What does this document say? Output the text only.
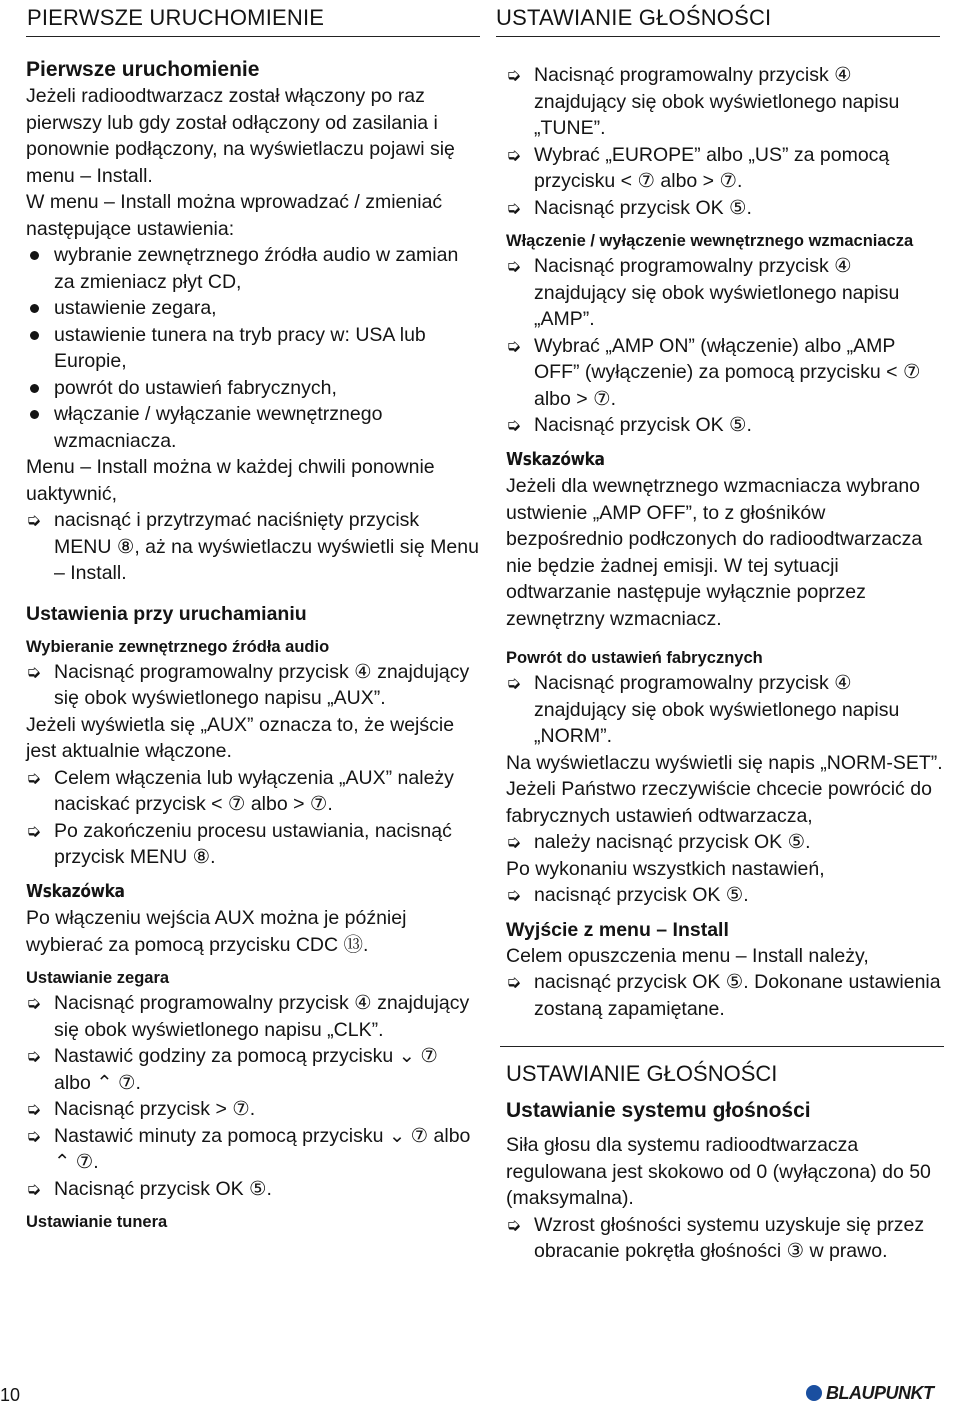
PIERWSZE URUCHOMIENIE	USTAWIANIE GŁOŚNOŚCI

Pierwsze uruchomienie

Jeżeli radioodtwarzacz został włączony po raz pierwszy lub gdy został odłączony od zasilania i ponownie podłączony, na wyświetlaczu pojawi się menu – Install.

W menu – Install można wprowadzać / zmieniać następujące ustawienia:

wybranie zewnętrznego źródła audio w zamian za zmieniacz płyt CD,

ustawienie zegara,

ustawienie tunera na tryb pracy w: USA lub Europie,

powrót do ustawień fabrycznych,

włączanie / wyłączanie wewnętrznego wzmacniacza.

Menu – Install można w każdej chwili ponownie uaktywnić,

➭ nacisnąć i przytrzymać naciśnięty przycisk MENU ⑧, aż na wyświetlaczu wyświetli się Menu – Install.

Ustawienia przy uruchamianiu

Wybieranie zewnętrznego źródła audio

➭ Nacisnąć programowalny przycisk ④ znajdujący się obok wyświetlonego napisu „AUX”.

Jeżeli wyświetla się „AUX” oznacza to, że wejście jest aktualnie włączone.

➭ Celem włączenia lub wyłączenia „AUX” należy naciskać przycisk < ⑦ albo > ⑦.

➭ Po zakończeniu procesu ustawiania, nacisnąć przycisk MENU ⑧.

Wskazówka

Po włączeniu wejścia AUX można je później wybierać za pomocą przycisku CDC ⑬.

Ustawianie zegara

➭ Nacisnąć programowalny przycisk ④ znajdujący się obok wyświetlonego napisu „CLK”.

➭ Nastawić godziny za pomocą przycisku ⌄ ⑦ albo ⌃ ⑦.

➭ Nacisnąć przycisk > ⑦.

➭ Nastawić minuty za pomocą przycisku ⌄ ⑦ albo ⌃ ⑦.

➭ Nacisnąć przycisk OK ⑤.

Ustawianie tunera

➭ Nacisnąć programowalny przycisk ④ znajdujący się obok wyświetlonego napisu „TUNE”.

➭ Wybrać „EUROPE” albo „US” za pomocą przycisku < ⑦ albo > ⑦.

➭ Nacisnąć przycisk OK ⑤.

Włączenie / wyłączenie wewnętrznego wzmacniacza

➭ Nacisnąć programowalny przycisk ④ znajdujący się obok wyświetlonego napisu „AMP”.

➭ Wybrać „AMP ON” (włączenie) albo „AMP OFF” (wyłączenie) za pomocą przycisku < ⑦ albo > ⑦.

➭ Nacisnąć przycisk OK ⑤.

Wskazówka

Jeżeli dla wewnętrznego wzmacniacza wybrano ustwienie „AMP OFF”, to z głośników bezpośrednio podłczonych do radioodtwarzacza nie będzie żadnej emisji. W tej sytuacji odtwarzanie następuje wyłącznie poprzez zewnętrzny wzmacniacz.

Powrót do ustawień fabrycznych

➭ Nacisnąć programowalny przycisk ④ znajdujący się obok wyświetlonego napisu „NORM”.

Na wyświetlaczu wyświetli się napis „NORM-SET”.

Jeżeli Państwo rzeczywiście chcecie powrócić do fabrycznych ustawień odtwarzacza,

➭ należy nacisnąć przycisk OK ⑤.

Po wykonaniu wszystkich nastawień,

➭ nacisnąć przycisk OK ⑤.

Wyjście z menu – Install

Celem opuszczenia menu – Install należy,

➭ nacisnąć przycisk OK ⑤. Dokonane ustawienia zostaną zapamiętane.

USTAWIANIE GŁOŚNOŚCI

Ustawianie systemu głośności

Siła głosu dla systemu radioodtwarzacza regulowana jest skokowo od 0 (wyłączona) do 50 (maksymalna).

➭ Wzrost głośności systemu uzyskuje się przez obracanie pokrętła głośności ③ w prawo.

10	BLAUPUNKT
